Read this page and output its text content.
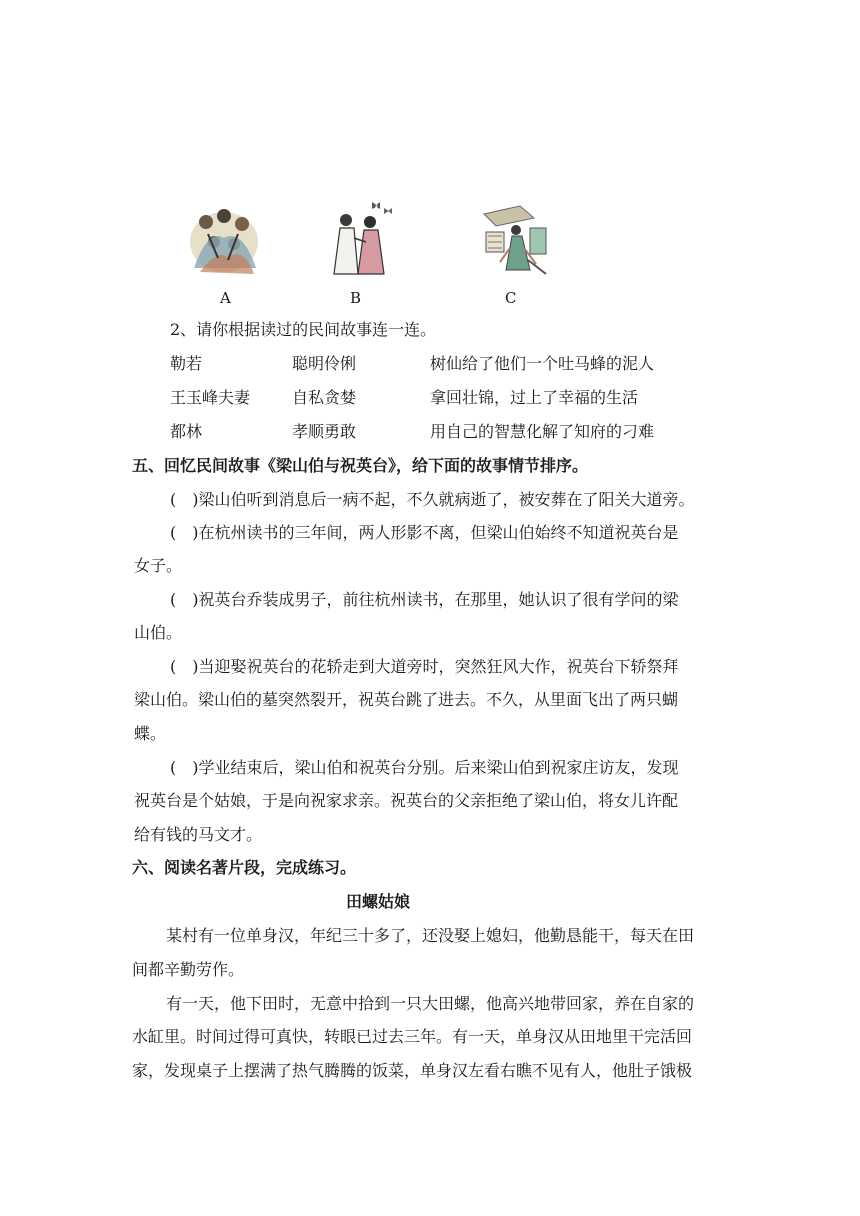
A	B	C
2、请你根据读过的民间故事连一连。
勒若	聪明伶俐	树仙给了他们一个吐马蜂的泥人
王玉峰夫妻	自私贪婪	拿回壮锦，过上了幸福的生活
都林	孝顺勇敢	用自己的智慧化解了知府的刁难
五、回忆民间故事《梁山伯与祝英台》，给下面的故事情节排序。
(　)梁山伯听到消息后一病不起，不久就病逝了，被安葬在了阳关大道旁。
(　)在杭州读书的三年间，两人形影不离，但梁山伯始终不知道祝英台是
女子。
(　)祝英台乔装成男子，前往杭州读书，在那里，她认识了很有学问的梁
山伯。
(　)当迎娶祝英台的花轿走到大道旁时，突然狂风大作，祝英台下轿祭拜
梁山伯。梁山伯的墓突然裂开，祝英台跳了进去。不久，从里面飞出了两只蝴
蝶。
(　)学业结束后，梁山伯和祝英台分别。后来梁山伯到祝家庄访友，发现
祝英台是个姑娘，于是向祝家求亲。祝英台的父亲拒绝了梁山伯，将女儿许配
给有钱的马文才。
六、阅读名著片段，完成练习。
田螺姑娘
某村有一位单身汉，年纪三十多了，还没娶上媳妇，他勤恳能干，每天在田
间都辛勤劳作。
有一天，他下田时，无意中拾到一只大田螺，他高兴地带回家，养在自家的
水缸里。时间过得可真快，转眼已过去三年。有一天，单身汉从田地里干完活回
家，发现桌子上摆满了热气腾腾的饭菜，单身汉左看右瞧不见有人，他肚子饿极
